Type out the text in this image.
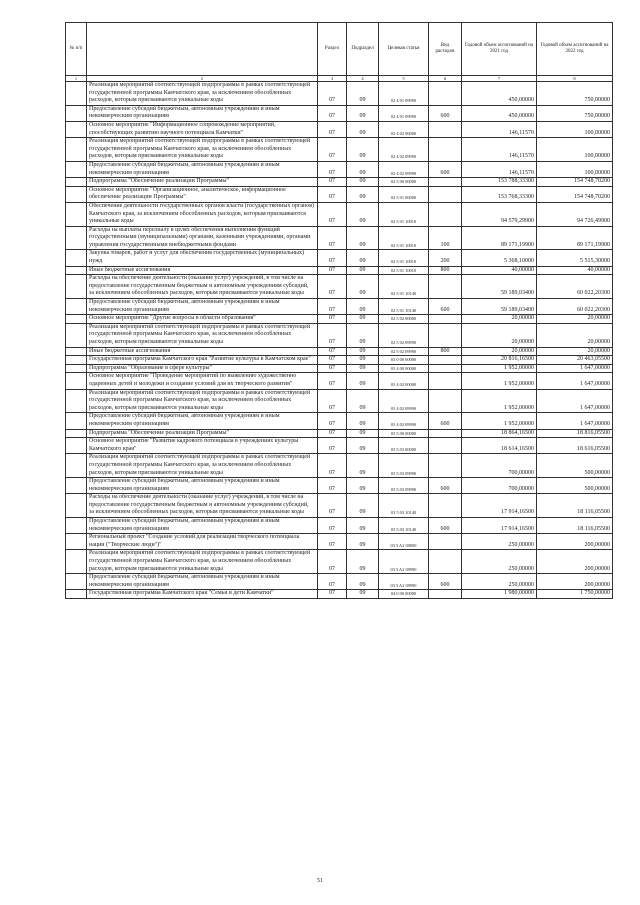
№ п/п		Раздел	Подраздел	Целевая статья	Вид расходов	Годовой объем ассигнований на 2021 год	Годовой объем ассигнований на 2022 год
1	2	3	4	5	6	7	8
	Реализация мероприятий соответствующей подпрограммы в рамках соответствующей государственной программы Камчатского края, за исключением обособленных расходов, которым присваиваются уникальные коды	07	09	02 4 01 09990		450,00000	750,00000
	Предоставление субсидий бюджетным, автономным учреждениям и иным некоммерческим организациям	07	09	02 4 01 09990	600	450,00000	750,00000
	Основное мероприятие "Информационное сопровождение мероприятий, способствующих развитию научного потенциала Камчатки"	07	09	02 4 02 00000		146,11570	100,00000
	Реализация мероприятий соответствующей подпрограммы в рамках соответствующей государственной программы Камчатского края, за исключением обособленных расходов, которым присваиваются уникальные коды	07	09	02 4 02 09990		146,11570	100,00000
	Предоставление субсидий бюджетным, автономным учреждениям и иным некоммерческим организациям	07	09	02 4 02 09990	600	146,11570	100,00000
	Подпрограмма "Обеспечение реализации Программы"	07	09	02 5 00 00000		153 788,33300	154 748,70200
	Основное мероприятие "Организационное, аналитическое, информационное обеспечение реализации Программы"	07	09	02 5 01 00000		153 768,33300	154 748,70200
	Обеспечение деятельности государственных органов власти (государственных органов) Камчатского края, за исключением обособленных расходов, которым присваиваются уникальные коды	07	09	02 5 01 10010		94 579,29900	94 726,49900
	Расходы на выплаты персоналу в целях обеспечения выполнения функций государственными (муниципальными) органами, казенными учреждениями, органами управления государственными внебюджетными фондами	07	09	02 5 01 10010	100	89 171,19900	89 171,19900
	Закупка товаров, работ и услуг для обеспечения государственных (муниципальных) нужд	07	09	02 5 01 10010	200	5 368,10000	5 515,30000
	Иные бюджетные ассигнования	07	09	02 5 01 10010	800	40,00000	40,00000
	Расходы на обеспечение деятельности (оказание услуг) учреждений, в том числе на предоставление государственным бюджетным и автономным учреждениям субсидий, за исключением обособленных расходов, которым присваиваются уникальные коды	07	09	02 5 01 10140		59 189,03400	60 022,20300
	Предоставление субсидий бюджетным, автономным учреждениям и иным некоммерческим организациям	07	09	02 5 01 10140	600	59 189,03400	60 022,20300
	Основное мероприятие "Другие вопросы в области образования"	07	09	02 5 02 00000		20,00000	20,00000
	Реализация мероприятий соответствующей подпрограммы в рамках соответствующей государственной программы Камчатского края, за исключением обособленных расходов, которым присваиваются уникальные коды	07	09	02 5 02 09990		20,00000	20,00000
	Иные бюджетные ассигнования	07	09	02 5 02 09990	800	20,00000	20,00000
	Государственная программа Камчатского края "Развитие культуры в Камчатском крае"	07	09	03 0 00 00000		20 816,16500	20 463,05500
	Подпрограмма "Образование в сфере культуры"	07	09	03 4 00 00000		1 952,00000	1 647,00000
	Основное мероприятие "Проведение мероприятий по выявлению художественно одаренных детей и молодежи и создание условий для их творческого развития"	07	09	03 4 02 00000		1 952,00000	1 647,00000
	Реализация мероприятий соответствующей подпрограммы в рамках соответствующей государственной программы Камчатского края, за исключением обособленных расходов, которым присваиваются уникальные коды	07	09	03 4 02 09990		1 952,00000	1 647,00000
	Предоставление субсидий бюджетным, автономным учреждениям и иным некоммерческим организациям	07	09	03 4 02 09990	600	1 952,00000	1 647,00000
	Подпрограмма "Обеспечение реализации Программы"	07	09	03 5 00 00000		18 864,16500	18 816,05500
	Основное мероприятие "Развитие кадрового потенциала в учреждениях культуры Камчатского края"	07	09	03 5 03 00000		18 614,16500	18 616,05500
	Реализация мероприятий соответствующей подпрограммы в рамках соответствующей государственной программы Камчатского края, за исключением обособленных расходов, которым присваиваются уникальные коды	07	09	03 5 03 09990		700,00000	500,00000
	Предоставление субсидий бюджетным, автономным учреждениям и иным некоммерческим организациям	07	09	03 5 03 09990	600	700,00000	500,00000
	Расходы на обеспечение деятельности (оказание услуг) учреждений, в том числе на предоставление государственным бюджетным и автономным учреждениям субсидий, за исключением обособленных расходов, которым присваиваются уникальные коды	07	09	03 5 03 10140		17 914,16500	18 116,05500
	Предоставление субсидий бюджетным, автономным учреждениям и иным некоммерческим организациям	07	09	03 5 03 10140	600	17 914,16500	18 116,05500
	Региональный проект "Создание условий для реализации творческого потенциала нации ("Творческие люди")"	07	09	03 5 A2 00000		250,00000	200,00000
	Реализация мероприятий соответствующей подпрограммы в рамках соответствующей государственной программы Камчатского края, за исключением обособленных расходов, которым присваиваются уникальные коды	07	09	03 5 A2 09990		250,00000	200,00000
	Предоставление субсидий бюджетным, автономным учреждениям и иным некоммерческим организациям	07	09	03 5 A2 09990	600	250,00000	200,00000
	Государственная программа Камчатского края "Семья и дети Камчатки"	07	09	04 0 00 00000		1 980,00000	1 750,00000
51
